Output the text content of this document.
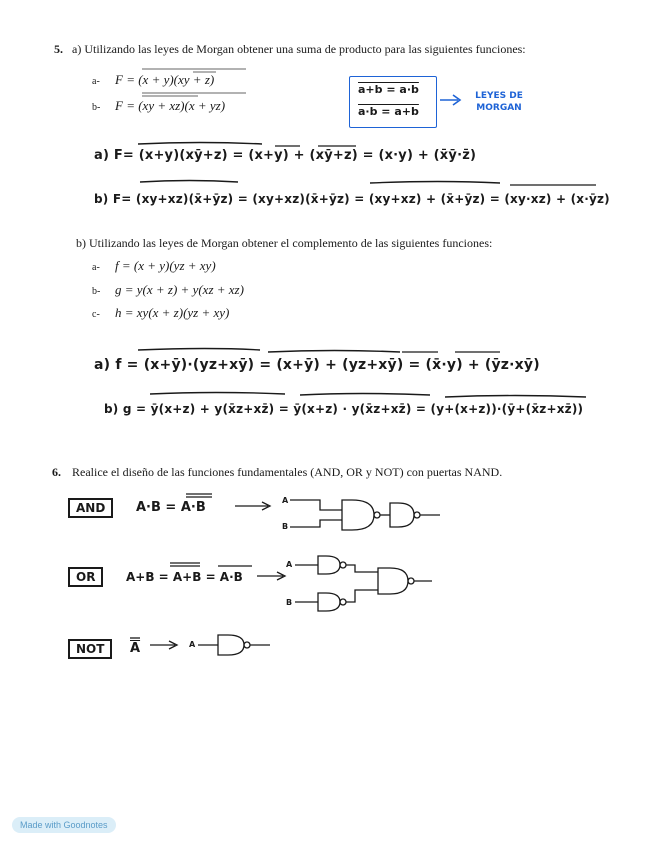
5. a) Utilizando las leyes de Morgan obtener una suma de producto para las siguientes funciones:
a- F = (x + y)(xy + z)
b- F = (xy + xz)(x + yz)
a+b = a·b
a·b = a+b
LEYES DE MORGAN
a) F= (x+y)(xȳ+z) = (x+y) + (xȳ+z) = (x·y) + (x̄ȳ·z̄)
b) F= (xy+xz)(x̄+ȳz) = (xy+xz)(x̄+ȳz) = (xy+xz) + (x̄+ȳz) = (xy·xz) + (x·ȳz)
b) Utilizando las leyes de Morgan obtener el complemento de las siguientes funciones:
a- f = (x + y)(yz + xy)
b- g = y(x + z) + y(xz + xz)
c- h = xy(x + z)(yz + xy)
a) f = (x+ȳ)·(yz+xȳ) = (x+ȳ) + (yz+xȳ) = (x̄·y) + (ȳz·xȳ)
b) g = ȳ(x+z) + y(x̄z+xz̄) = ȳ(x+z) · y(x̄z+xz̄) = (y+(x+z))·(ȳ+(x̄z+xz̄))
6. Realice el diseño de las funciones fundamentales (AND, OR y NOT) con puertas NAND.
AND	A·B = A·B	A
B
OR	A+B = A+B = A·B
A
B
NOT	$\overline{A}$	A
Made with Goodnotes
